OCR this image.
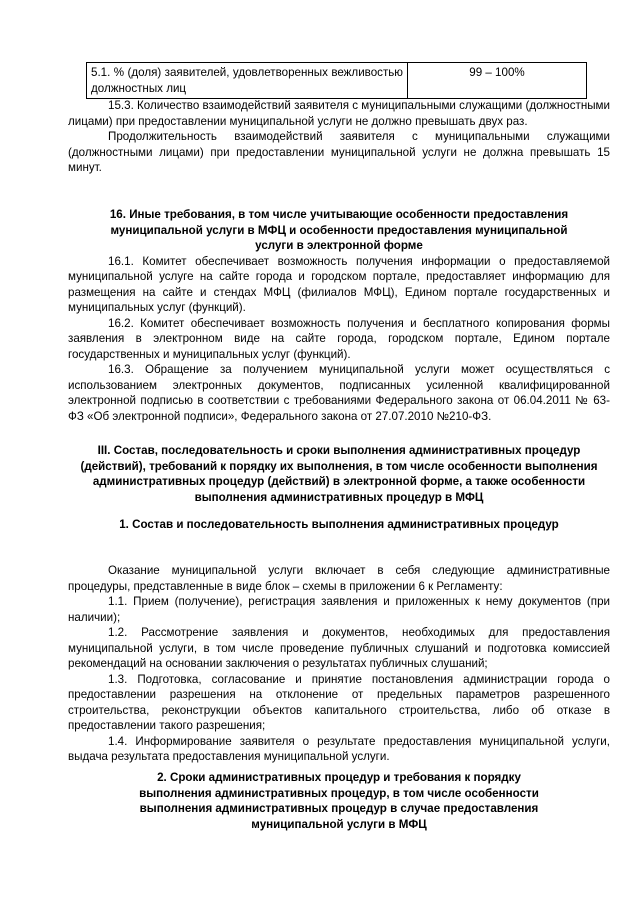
5.1. % (доля) заявителей, удовлетворенных вежливостью должностных лиц	99 – 100%

15.3. Количество взаимодействий заявителя с муниципальными служащими (должностными лицами) при предоставлении муниципальной услуги не должно превышать двух раз.

Продолжительность взаимодействий заявителя с муниципальными служащими (должностными лицами) при предоставлении муниципальной услуги не должна превышать 15 минут.

16. Иные требования, в том числе учитывающие особенности предоставления муниципальной услуги в МФЦ и особенности предоставления муниципальной услуги в электронной форме

16.1. Комитет обеспечивает возможность получения информации о предоставляемой муниципальной услуге на сайте города и городском портале, предоставляет информацию для размещения на сайте и стендах МФЦ (филиалов МФЦ), Едином портале государственных и муниципальных услуг (функций).

16.2. Комитет обеспечивает возможность получения и бесплатного копирования формы заявления в электронном виде на сайте города, городском портале, Едином портале государственных и муниципальных услуг (функций).

16.3. Обращение за получением муниципальной услуги может осуществляться с использованием электронных документов, подписанных усиленной квалифицированной электронной подписью в соответствии с требованиями Федерального закона от 06.04.2011 № 63-ФЗ «Об электронной подписи», Федерального закона от 27.07.2010 №210-ФЗ.

III. Состав, последовательность и сроки выполнения административных процедур (действий), требований к порядку их выполнения, в том числе особенности выполнения административных процедур (действий) в электронной форме, а также особенности выполнения административных процедур в МФЦ
1. Состав и последовательность выполнения административных процедур

Оказание муниципальной услуги включает в себя следующие административные процедуры, представленные в виде блок – схемы в приложении 6 к Регламенту:

1.1. Прием (получение), регистрация заявления и приложенных к нему документов (при наличии);

1.2. Рассмотрение заявления и документов, необходимых для предоставления муниципальной услуги, в том числе проведение публичных слушаний и подготовка комиссией рекомендаций на основании заключения о результатах публичных слушаний;

1.3. Подготовка, согласование и принятие постановления администрации города о предоставлении разрешения на отклонение от предельных параметров разрешенного строительства, реконструкции объектов капитального строительства, либо об отказе в предоставлении такого разрешения;

1.4. Информирование заявителя о результате предоставления муниципальной услуги, выдача результата предоставления муниципальной услуги.

2. Сроки административных процедур и требования к порядку выполнения административных процедур, в том числе особенности выполнения административных процедур в случае предоставления муниципальной услуги в МФЦ
